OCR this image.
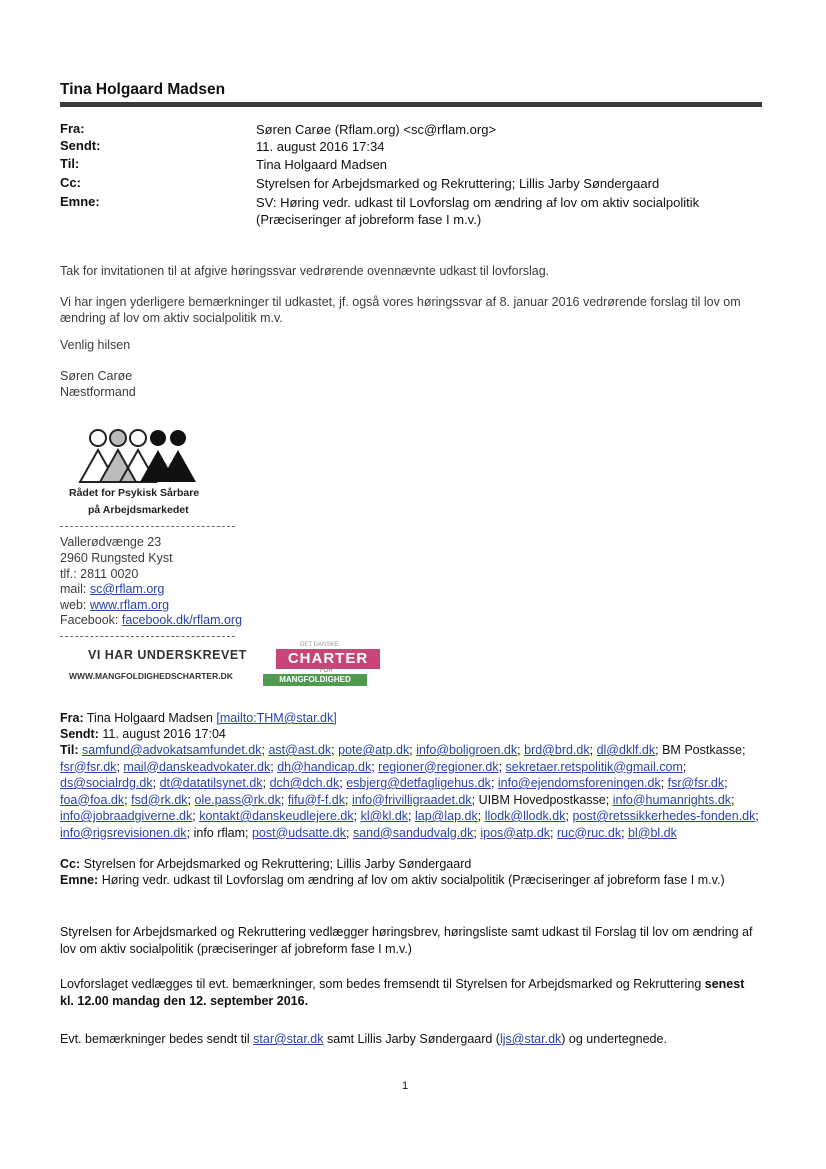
Tina Holgaard Madsen
Fra:	Søren Carøe (Rflam.org) <sc@rflam.org>
Sendt:	11. august 2016 17:34
Til:	Tina Holgaard Madsen
Cc:	Styrelsen for Arbejdsmarked og Rekruttering; Lillis Jarby Søndergaard
Emne:	SV: Høring vedr. udkast til Lovforslag om ændring af lov om aktiv socialpolitik (Præciseringer af jobreform fase I m.v.)
Tak for invitationen til at afgive høringssvar vedrørende ovennævnte udkast til lovforslag.
Vi har ingen yderligere bemærkninger til udkastet, jf. også vores høringssvar af 8. januar 2016 vedrørende forslag til lov om ændring af lov om aktiv socialpolitik m.v.
Venlig hilsen
Søren Carøe
Næstformand
Rådet for Psykisk Sårbare
på Arbejdsmarkedet
Vallerødvænge 23
2960 Rungsted Kyst
tlf.: 2811 0020
mail: sc@rflam.org
web: www.rflam.org
Facebook: facebook.dk/rflam.org
VI HAR UNDERSKREVET
WWW.MANGFOLDIGHEDSCHARTER.DK
DET DANSKE
CHARTER
FOR
MANGFOLDIGHED
Fra: Tina Holgaard Madsen [mailto:THM@star.dk]
Sendt: 11. august 2016 17:04
Til: samfund@advokatsamfundet.dk; ast@ast.dk; pote@atp.dk; info@boligroen.dk; brd@brd.dk; dl@dklf.dk; BM Postkasse; fsr@fsr.dk; mail@danskeadvokater.dk; dh@handicap.dk; regioner@regioner.dk; sekretaer.retspolitik@gmail.com; ds@socialrdg.dk; dt@datatilsynet.dk; dch@dch.dk; esbjerg@detfagligehus.dk; info@ejendomsforeningen.dk; fsr@fsr.dk; foa@foa.dk; fsd@rk.dk; ole.pass@rk.dk; fifu@f-f.dk; info@frivilligraadet.dk; UIBM Hovedpostkasse; info@humanrights.dk; info@jobraadgiverne.dk; kontakt@danskeudlejere.dk; kl@kl.dk; lap@lap.dk; llodk@llodk.dk; post@retssikkerhedes-fonden.dk; info@rigsrevisionen.dk; info rflam; post@udsatte.dk; sand@sandudvalg.dk; ipos@atp.dk; ruc@ruc.dk; bl@bl.dk
Cc: Styrelsen for Arbejdsmarked og Rekruttering; Lillis Jarby Søndergaard
Emne: Høring vedr. udkast til Lovforslag om ændring af lov om aktiv socialpolitik (Præciseringer af jobreform fase I m.v.)
Styrelsen for Arbejdsmarked og Rekruttering vedlægger høringsbrev, høringsliste samt udkast til Forslag til lov om ændring af lov om aktiv socialpolitik (præciseringer af jobreform fase I m.v.)
Lovforslaget vedlægges til evt. bemærkninger, som bedes fremsendt til Styrelsen for Arbejdsmarked og Rekruttering senest kl. 12.00 mandag den 12. september 2016.
Evt. bemærkninger bedes sendt til star@star.dk samt Lillis Jarby Søndergaard (ljs@star.dk) og undertegnede.
1
